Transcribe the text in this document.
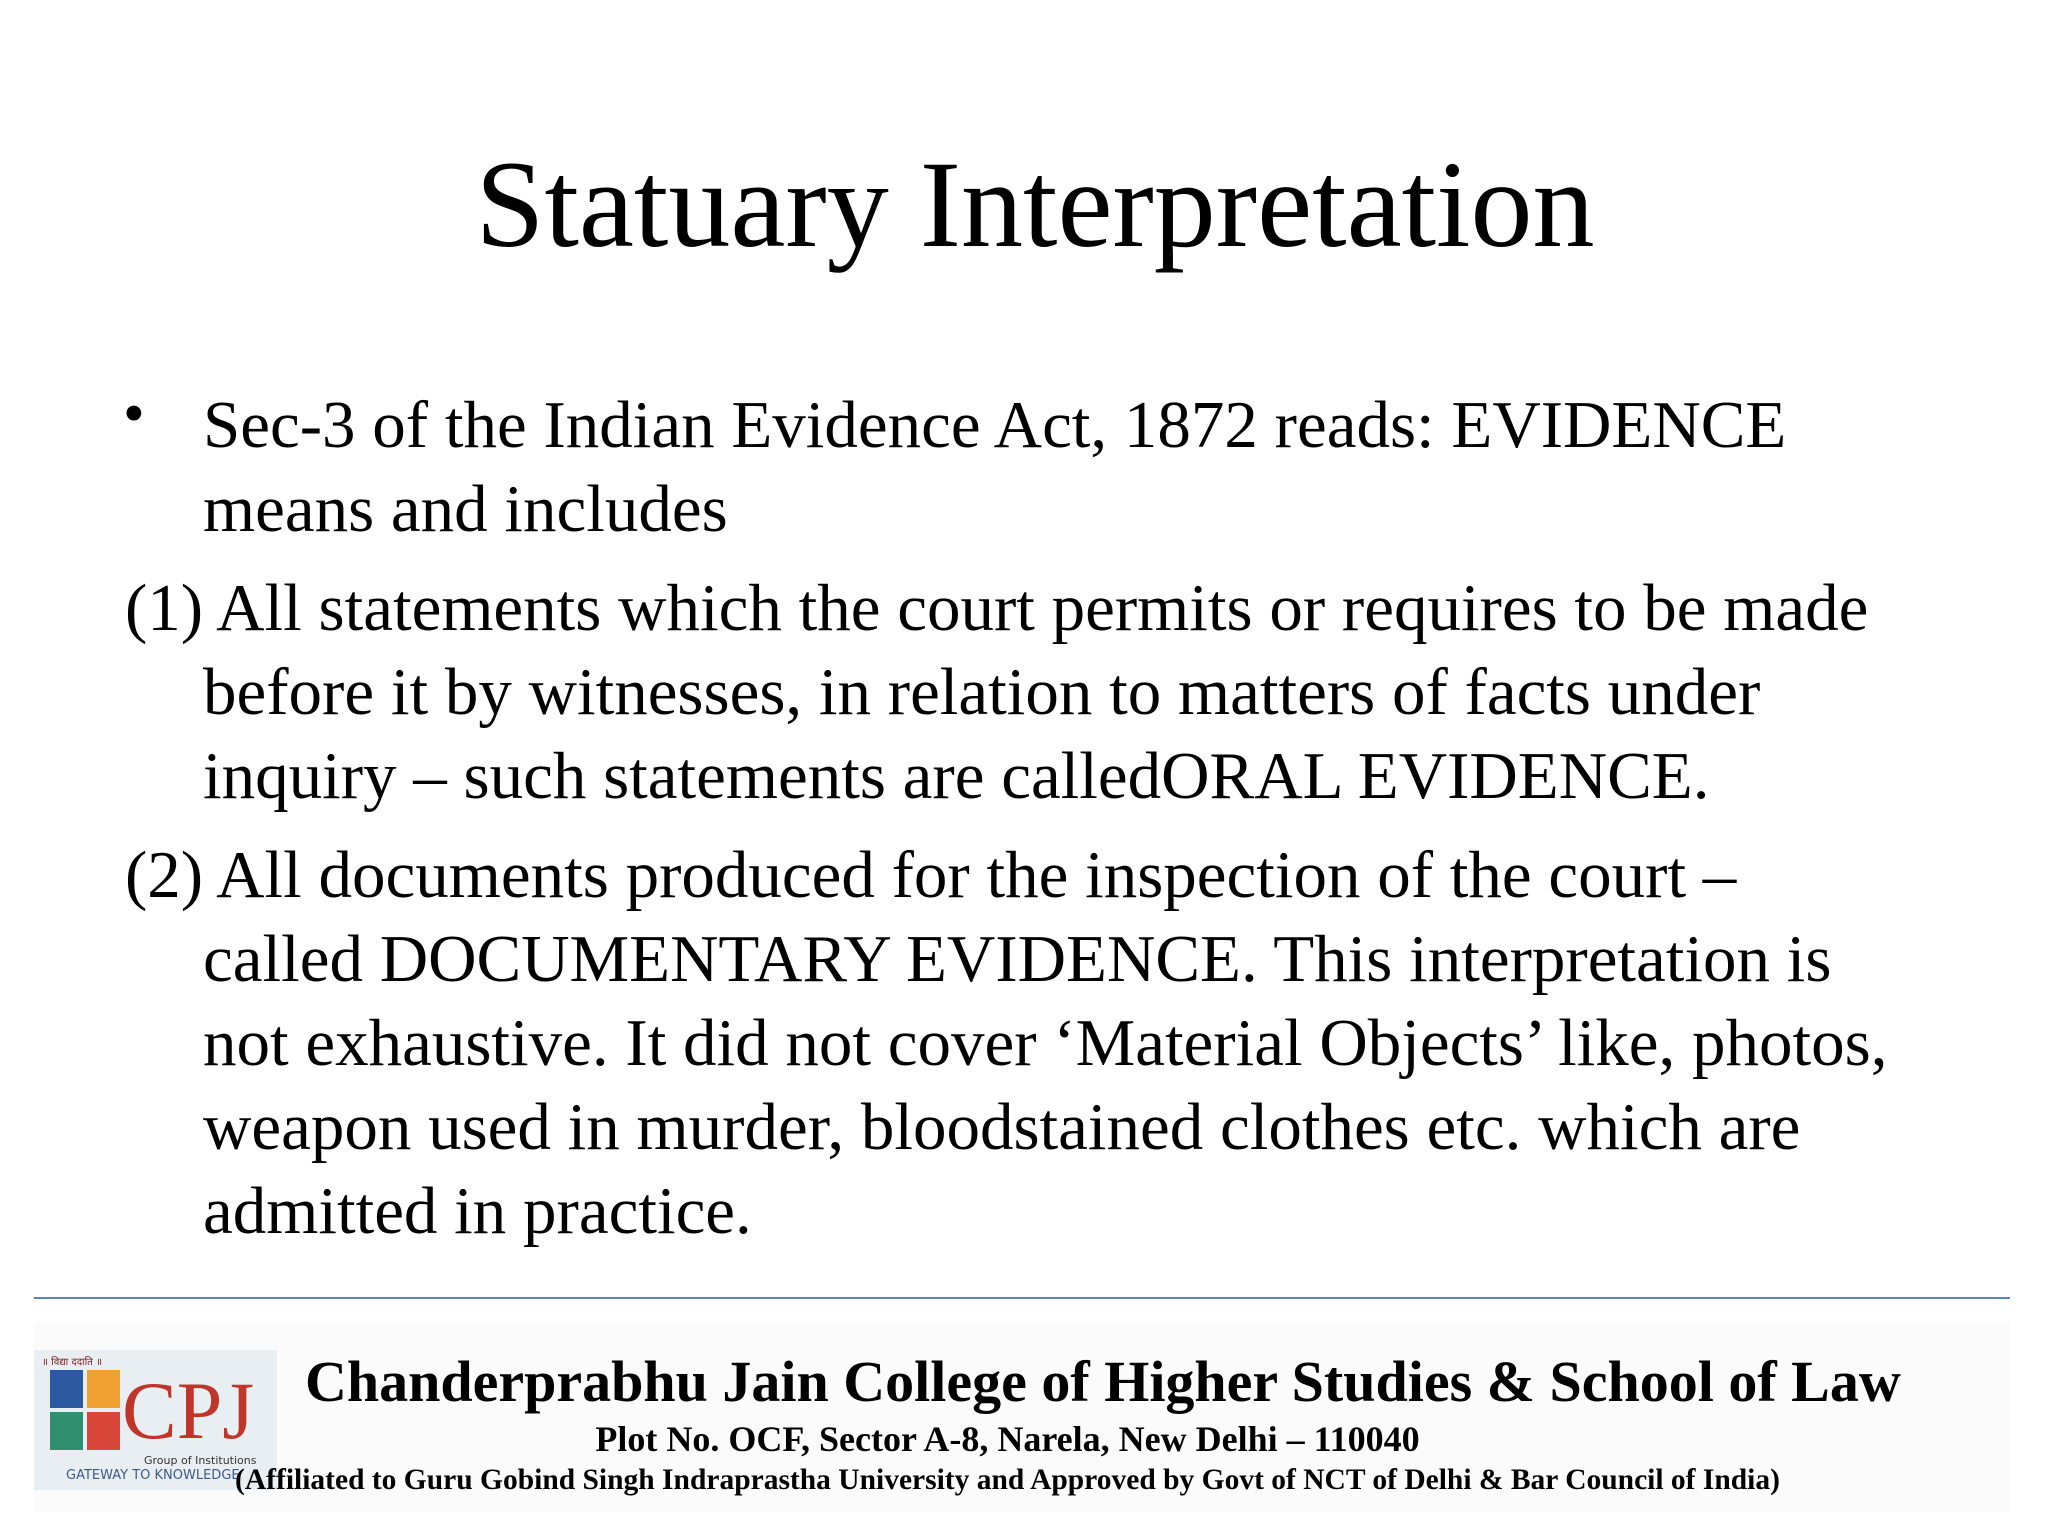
Statuary Interpretation
• Sec-3 of the Indian Evidence Act, 1872 reads: EVIDENCE
means and includes
(1) All statements which the court permits or requires to be made
before it by witnesses, in relation to matters of facts under
inquiry – such statements are calledORAL EVIDENCE.
(2) All documents produced for the inspection of the court –
called DOCUMENTARY EVIDENCE. This interpretation is
not exhaustive. It did not cover ‘Material Objects’ like, photos,
weapon used in murder, bloodstained clothes etc. which are
admitted in practice.
॥ विद्या ददाति ॥
CPJ
Group of Institutions
GATEWAY TO KNOWLEDGE
Chanderprabhu Jain College of Higher Studies & School of Law
Plot No. OCF, Sector A-8, Narela, New Delhi – 110040
(Affiliated to Guru Gobind Singh Indraprastha University and Approved by Govt of NCT of Delhi & Bar Council of India)
